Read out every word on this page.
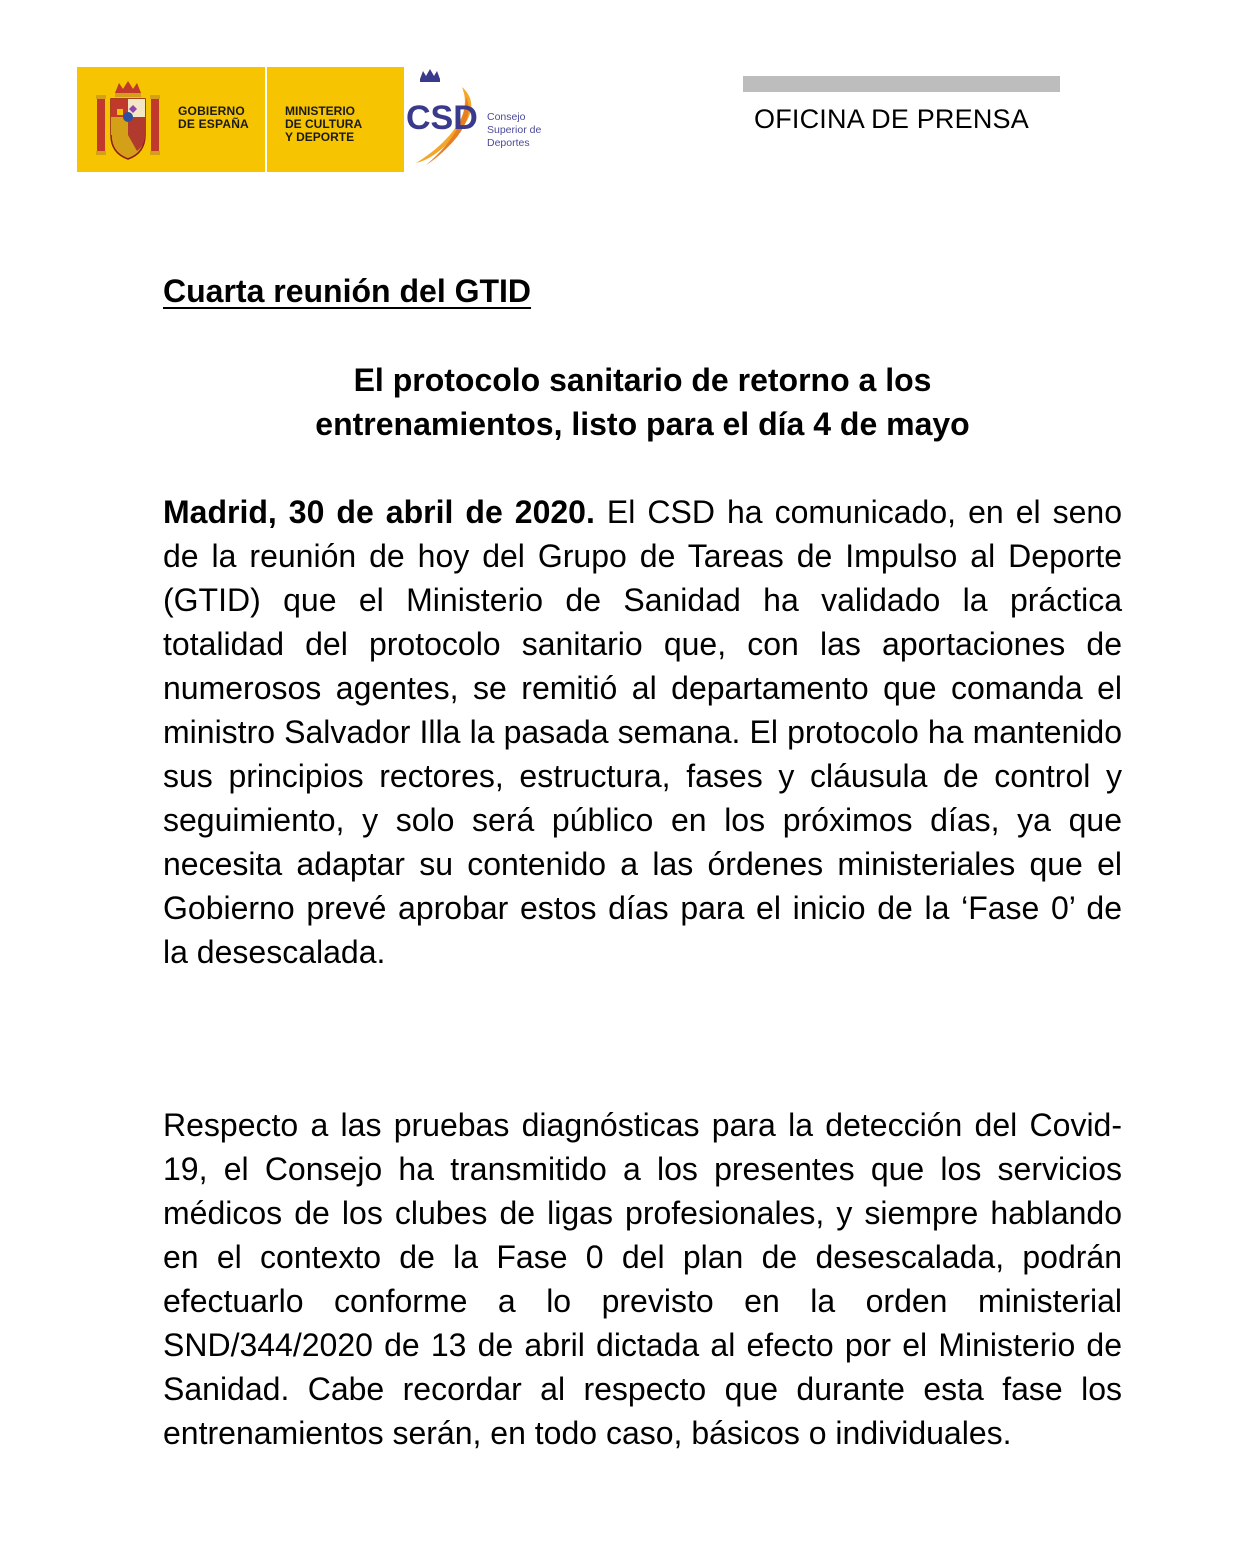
GOBIERNO
DE ESPAÑA
MINISTERIO
DE CULTURA
Y DEPORTE CSD Consejo
Superior de
Deportes
OFICINA DE PRENSA
Cuarta reunión del GTID
El protocolo sanitario de retorno a los
entrenamientos, listo para el día 4 de mayo

Madrid, 30 de abril de 2020. El CSD ha comunicado, en el seno de la reunión de hoy del Grupo de Tareas de Impulso al Deporte (GTID) que el Ministerio de Sanidad ha validado la práctica totalidad del protocolo sanitario que, con las aportaciones de numerosos agentes, se remitió al departamento que comanda el ministro Salvador Illa la pasada semana. El protocolo ha mantenido sus principios rectores, estructura, fases y cláusula de control y seguimiento, y solo será público en los próximos días, ya que necesita adaptar su contenido a las órdenes ministeriales que el Gobierno prevé aprobar estos días para el inicio de la ‘Fase 0’ de la desescalada.

Respecto a las pruebas diagnósticas para la detección del Covid-19, el Consejo ha transmitido a los presentes que los servicios médicos de los clubes de ligas profesionales, y siempre hablando en el contexto de la Fase 0 del plan de desescalada, podrán efectuarlo conforme a lo previsto en la orden ministerial SND/344/2020 de 13 de abril dictada al efecto por el Ministerio de Sanidad. Cabe recordar al respecto que durante esta fase los entrenamientos serán, en todo caso, básicos o individuales.
